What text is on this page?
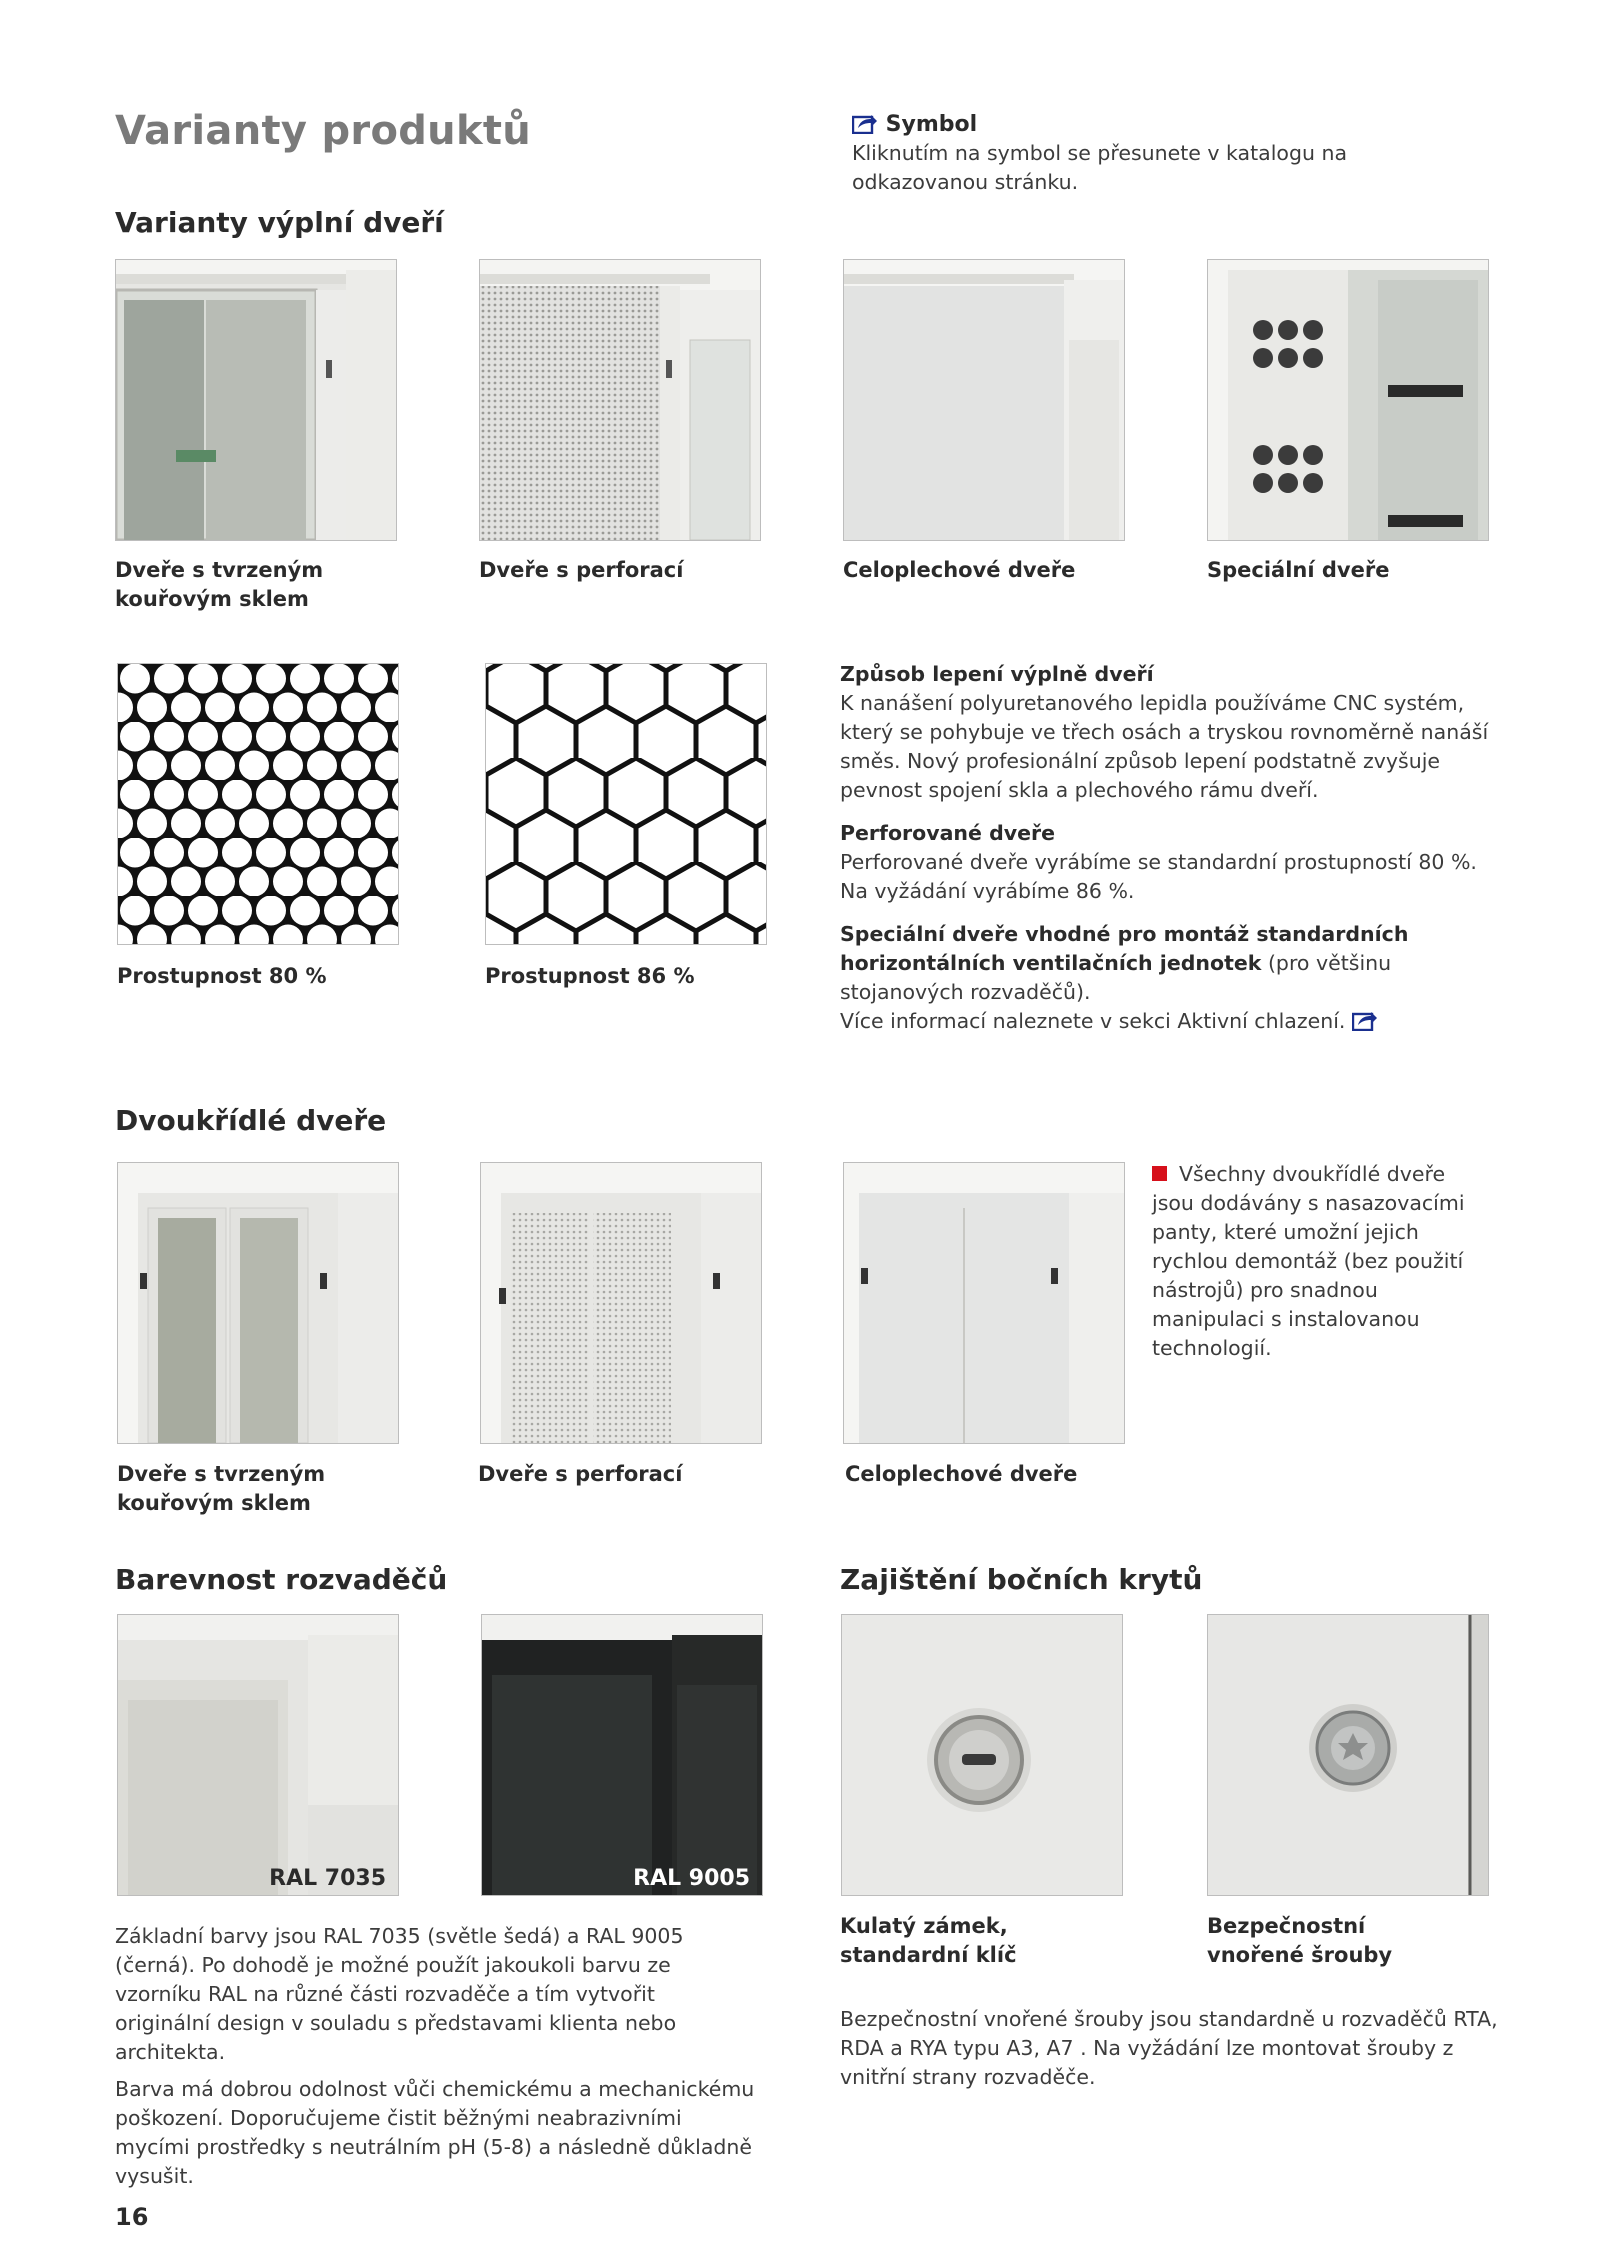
Varianty produktů	Symbol
Kliknutím na symbol se přesunete v katalogu na odkazovanou stránku.
Varianty výplní dveří
Dveře s tvrzeným kouřovým sklem
Dveře s perforací	Celoplechové dveře	Speciální dveře
Prostupnost 80 %	Prostupnost 86 %
Způsob lepení výplně dveří
K nanášení polyuretanového lepidla používáme CNC systém, který se pohybuje ve třech osách a tryskou rovnoměrně nanáší směs. Nový profesionální způsob lepení podstatně zvyšuje pevnost spojení skla a plechového rámu dveří.
Perforované dveře
Perforované dveře vyrábíme se standardní prostupností 80 %. Na vyžádání vyrábíme 86 %.
Speciální dveře vhodné pro montáž standardních horizontálních ventilačních jednotek (pro většinu stojanových rozvaděčů).
Více informací naleznete v sekci Aktivní chlazení.
Dvoukřídlé dveře
Všechny dvoukřídlé dveře jsou dodávány s nasazovacími panty, které umožní jejich rychlou demontáž (bez použití nástrojů) pro snadnou manipulaci s instalovanou technologií.
Dveře s tvrzeným kouřovým sklem
Dveře s perforací	Celoplechové dveře
Barevnost rozvaděčů
RAL 7035	RAL 9005
Základní barvy jsou RAL 7035 (světle šedá) a RAL 9005 (černá). Po dohodě je možné použít jakoukoli barvu ze vzorníku RAL na různé části rozvaděče a tím vytvořit originální design v souladu s představami klienta nebo architekta.
Barva má dobrou odolnost vůči chemickému a mechanickému poškození. Doporučujeme čistit běžnými neabrazivními mycími prostředky s neutrálním pH (5-8) a následně důkladně vysušit.
Zajištění bočních krytů
Kulatý zámek, standardní klíč
Bezpečnostní vnořené šrouby
Bezpečnostní vnořené šrouby jsou standardně u rozvaděčů RTA, RDA a RYA typu A3, A7 . Na vyžádání lze montovat šrouby z vnitřní strany rozvaděče.
16
